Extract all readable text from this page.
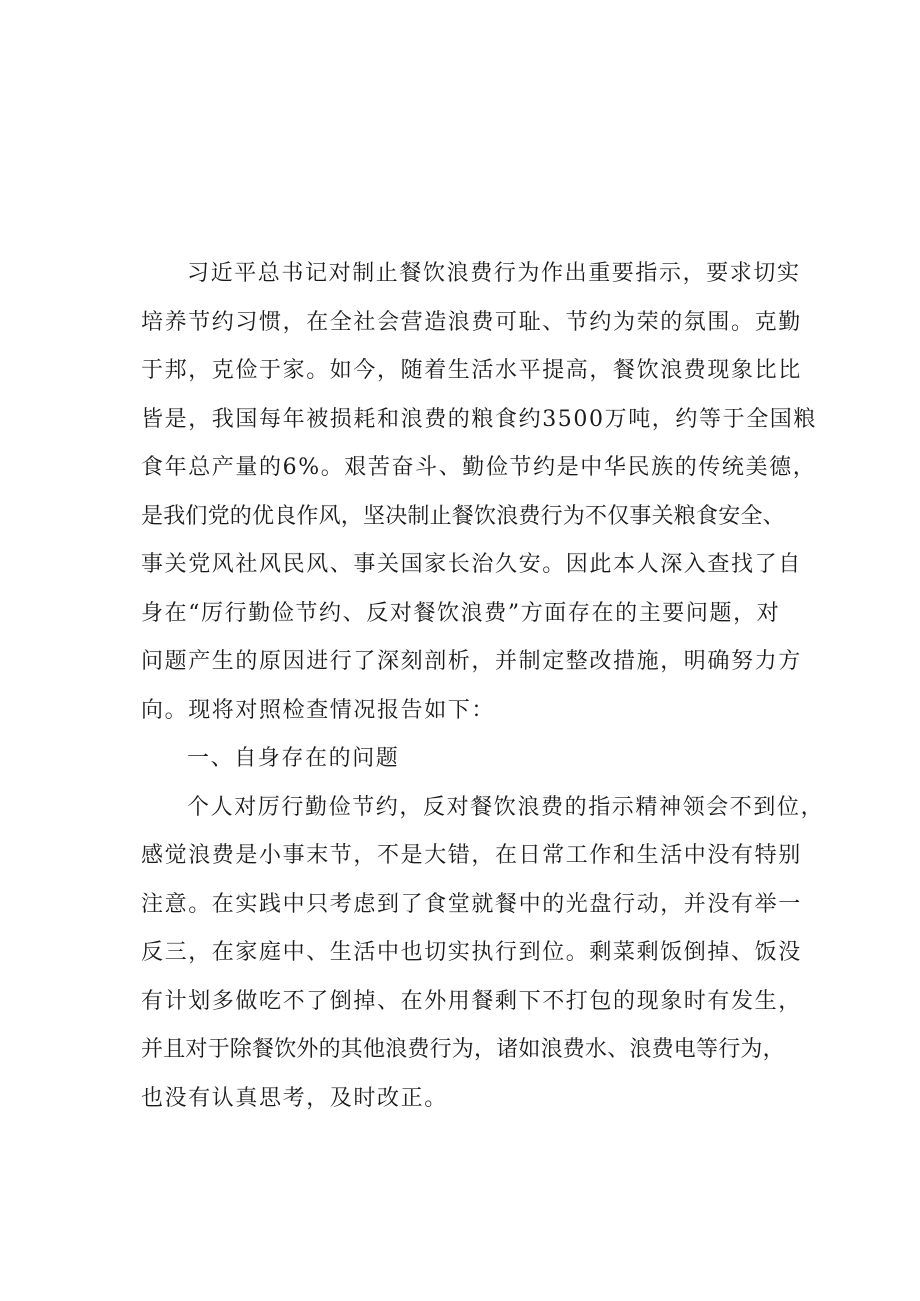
习近平总书记对制止餐饮浪费行为作出重要指示，要求切实
培养节约习惯，在全社会营造浪费可耻、节约为荣的氛围。克勤
于邦，克俭于家。如今，随着生活水平提高，餐饮浪费现象比比
皆是，我国每年被损耗和浪费的粮食约3500万吨，约等于全国粮
食年总产量的6%。艰苦奋斗、勤俭节约是中华民族的传统美德，
是我们党的优良作风，坚决制止餐饮浪费行为不仅事关粮食安全、
事关党风社风民风、事关国家长治久安。因此本人深入查找了自
身在“厉行勤俭节约、反对餐饮浪费”方面存在的主要问题，对
问题产生的原因进行了深刻剖析，并制定整改措施，明确努力方
向。现将对照检查情况报告如下：
一、自身存在的问题
个人对厉行勤俭节约，反对餐饮浪费的指示精神领会不到位，
感觉浪费是小事末节，不是大错，在日常工作和生活中没有特别
注意。在实践中只考虑到了食堂就餐中的光盘行动，并没有举一
反三，在家庭中、生活中也切实执行到位。剩菜剩饭倒掉、饭没
有计划多做吃不了倒掉、在外用餐剩下不打包的现象时有发生，
并且对于除餐饮外的其他浪费行为，诸如浪费水、浪费电等行为，
也没有认真思考，及时改正。
